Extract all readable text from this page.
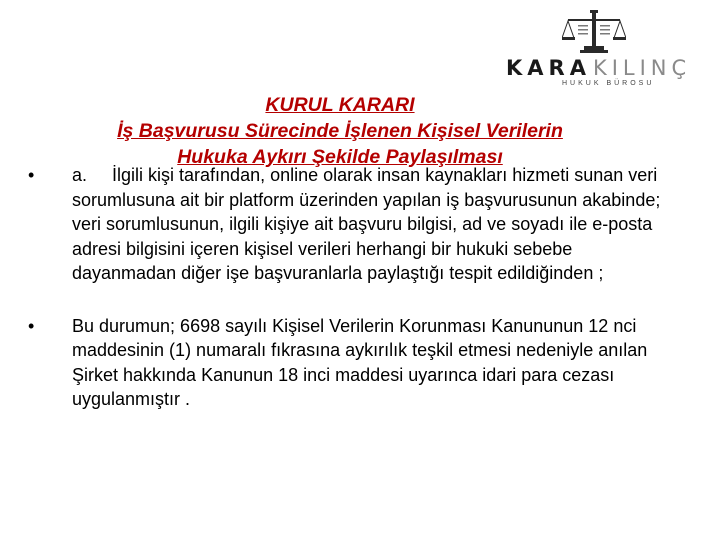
KARAKILINÇ
HUKUK BÜROSU
KURUL KARARI
İş Başvurusu Sürecinde İşlenen Kişisel Verilerin
Hukuka Aykırı Şekilde Paylaşılması
• a.     İlgili kişi tarafından, online olarak insan kaynakları hizmeti sunan veri sorumlusuna ait bir platform üzerinden yapılan iş başvurusunun akabinde; veri sorumlusunun, ilgili kişiye ait başvuru bilgisi, ad ve soyadı ile e-posta adresi bilgisini içeren kişisel verileri herhangi bir hukuki sebebe dayanmadan diğer işe başvuranlarla paylaştığı tespit edildiğinden ;
• Bu durumun; 6698 sayılı Kişisel Verilerin Korunması Kanununun 12 nci maddesinin (1) numaralı fıkrasına aykırılık teşkil etmesi nedeniyle anılan Şirket hakkında Kanunun 18 inci maddesi uyarınca idari para cezası uygulanmıştır .
